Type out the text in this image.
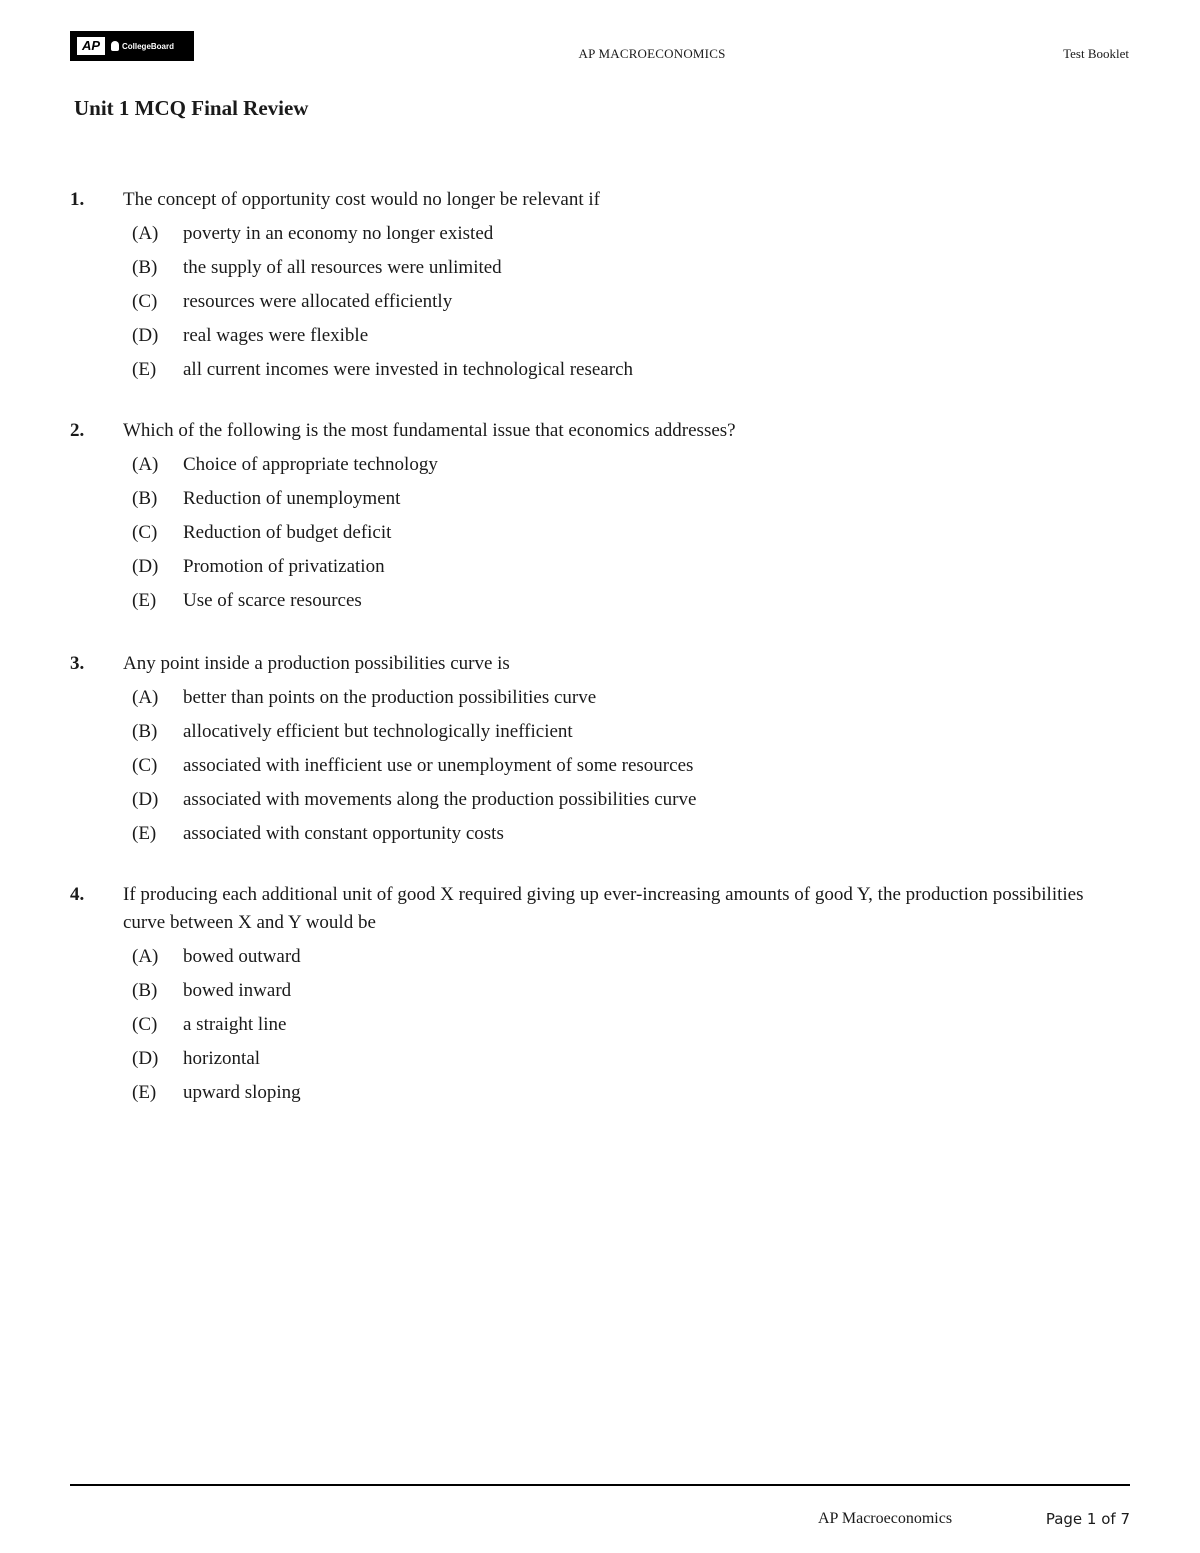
AP	CollegeBoard	AP MACROECONOMICS	Test Booklet
Unit 1 MCQ Final Review
1. The concept of opportunity cost would no longer be relevant if
(A) poverty in an economy no longer existed
(B) the supply of all resources were unlimited
(C) resources were allocated efficiently
(D) real wages were flexible
(E) all current incomes were invested in technological research
2. Which of the following is the most fundamental issue that economics addresses?
(A) Choice of appropriate technology
(B) Reduction of unemployment
(C) Reduction of budget deficit
(D) Promotion of privatization
(E) Use of scarce resources
3. Any point inside a production possibilities curve is
(A) better than points on the production possibilities curve
(B) allocatively efficient but technologically inefficient
(C) associated with inefficient use or unemployment of some resources
(D) associated with movements along the production possibilities curve
(E) associated with constant opportunity costs
4. If producing each additional unit of good X required giving up ever-increasing amounts of good Y, the production possibilities curve between X and Y would be
(A) bowed outward
(B) bowed inward
(C) a straight line
(D) horizontal
(E) upward sloping
AP Macroeconomics	Page 1 of 7
